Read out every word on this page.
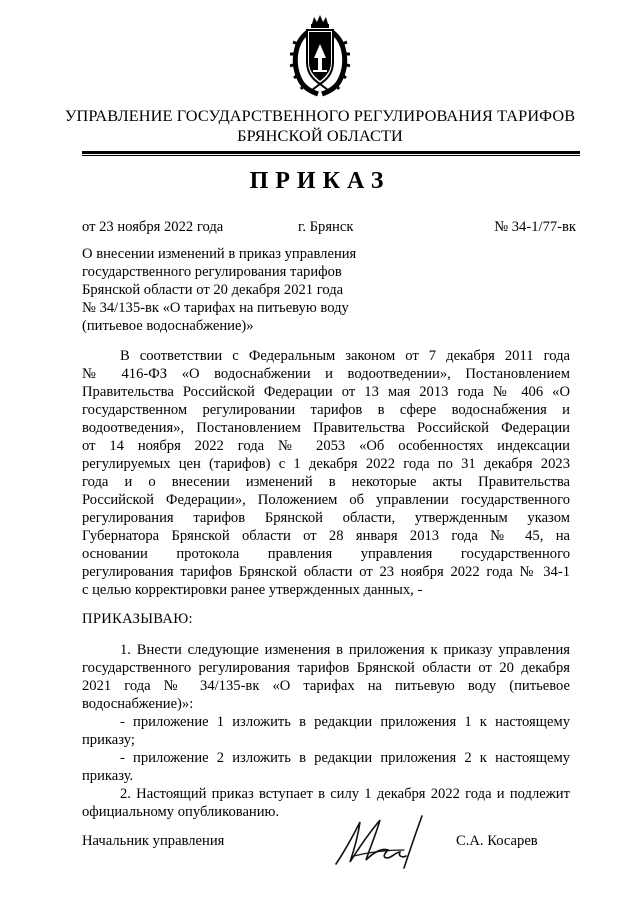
УПРАВЛЕНИЕ ГОСУДАРСТВЕННОГО РЕГУЛИРОВАНИЯ ТАРИФОВ
БРЯНСКОЙ ОБЛАСТИ
ПРИКАЗ
от 23 ноября 2022 года	г. Брянск	№ 34-1/77-вк
О внесении изменений в приказ управления
государственного регулирования тарифов
Брянской области от 20 декабря 2021 года
№ 34/135-вк «О тарифах на питьевую воду
(питьевое водоснабжение)»
В соответствии с Федеральным законом от 7 декабря 2011 года
№ 416-ФЗ «О водоснабжении и водоотведении», Постановлением
Правительства Российской Федерации от 13 мая 2013 года № 406 «О
государственном регулировании тарифов в сфере водоснабжения и
водоотведения», Постановлением Правительства Российской Федерации
от 14 ноября 2022 года № 2053 «Об особенностях индексации
регулируемых цен (тарифов) с 1 декабря 2022 года по 31 декабря 2023
года и о внесении изменений в некоторые акты Правительства
Российской Федерации», Положением об управлении государственного
регулирования тарифов Брянской области, утвержденным указом
Губернатора Брянской области от 28 января 2013 года № 45, на
основании протокола правления управления государственного
регулирования тарифов Брянской области от 23 ноября 2022 года № 34-1
с целью корректировки ранее утвержденных данных, -
ПРИКАЗЫВАЮ:
1. Внести следующие изменения в приложения к приказу управления
государственного регулирования тарифов Брянской области от 20 декабря
2021 года № 34/135-вк «О тарифах на питьевую воду (питьевое
водоснабжение)»:
- приложение 1 изложить в редакции приложения 1 к настоящему
приказу;
- приложение 2 изложить в редакции приложения 2 к настоящему
приказу.
2. Настоящий приказ вступает в силу 1 декабря 2022 года и подлежит
официальному опубликованию.
Начальник управления	С.А. Косарев
